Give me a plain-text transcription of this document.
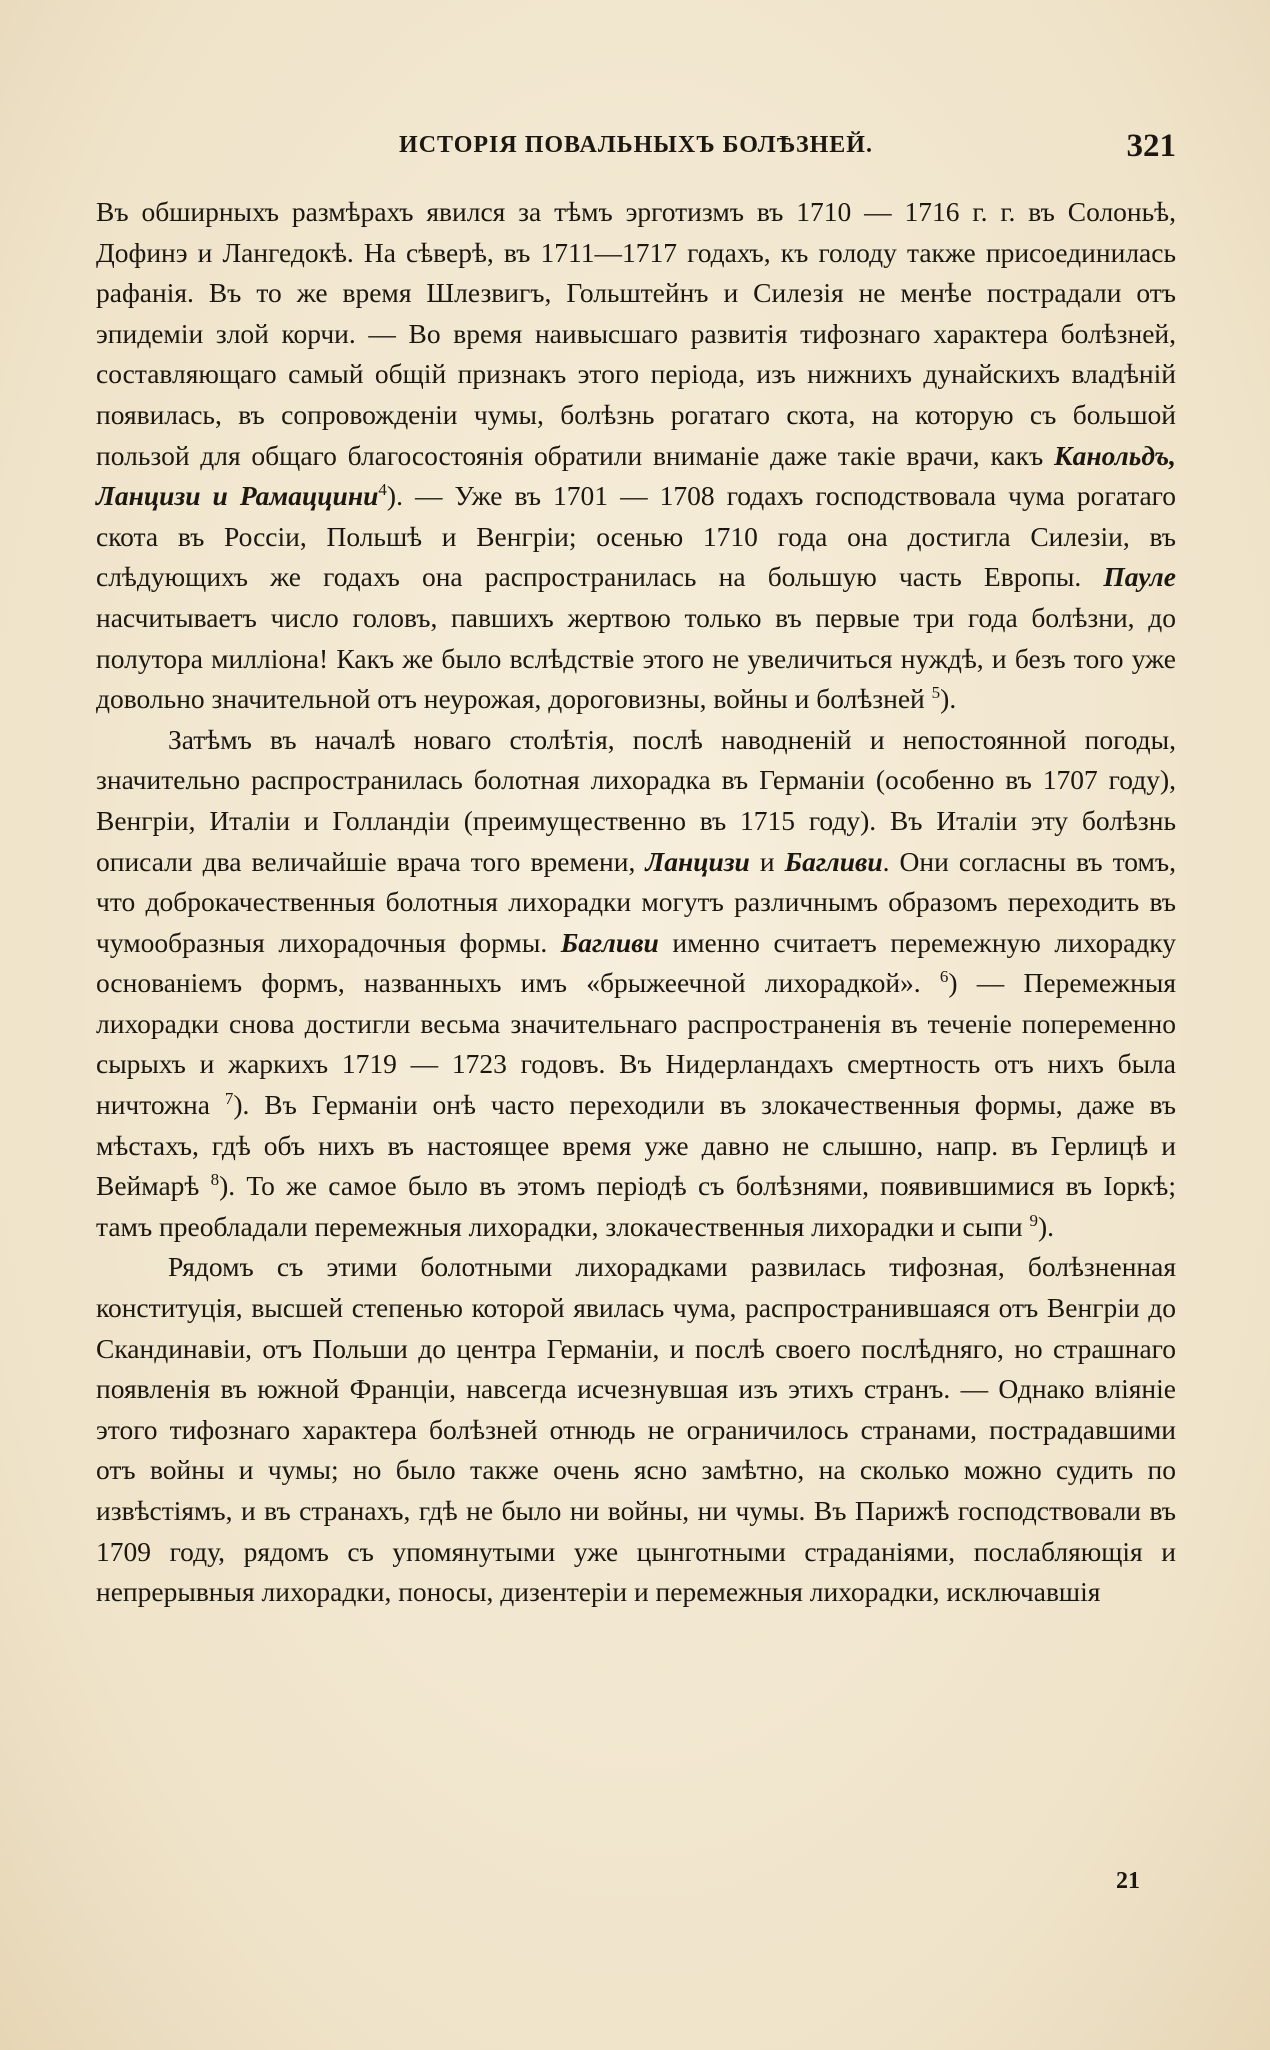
ИСТОРІЯ ПОВАЛЬНЫХЪ БОЛѢЗНЕЙ.	321

Въ обширныхъ размѣрахъ явился за тѣмъ эрготизмъ въ 1710 — 1716 г. г. въ Солоньѣ, Дофинэ и Лангедокѣ. На сѣверѣ, въ 1711—1717 годахъ, къ голоду также присоединилась рафанія. Въ то же время Шлезвигъ, Гольштейнъ и Силезія не менѣе пострадали отъ эпидеміи злой корчи. — Во время наивысшаго развитія тифознаго характера болѣзней, составляющаго самый общій признакъ этого періода, изъ нижнихъ дунайскихъ владѣній появилась, въ сопровожденіи чумы, болѣзнь рогатаго скота, на которую съ большой пользой для общаго благосостоянія обратили вниманіе даже такіе врачи, какъ Канольдъ, Ланцизи и Рамаццини$^4$). — Уже въ 1701 — 1708 годахъ господствовала чума рогатаго скота въ Россіи, Польшѣ и Венгріи; осенью 1710 года она достигла Силезіи, въ слѣдующихъ же годахъ она распространилась на большую часть Европы. Пауле насчитываетъ число головъ, павшихъ жертвою только въ первые три года болѣзни, до полутора милліона! Какъ же было вслѣдствіе этого не увеличиться нуждѣ, и безъ того уже довольно значительной отъ неурожая, дороговизны, войны и болѣзней $^5$).

Затѣмъ въ началѣ новаго столѣтія, послѣ наводненій и непостоянной погоды, значительно распространилась болотная лихорадка въ Германіи (особенно въ 1707 году), Венгріи, Италіи и Голландіи (преимущественно въ 1715 году). Въ Италіи эту болѣзнь описали два величайшіе врача того времени, Ланцизи и Багливи. Они согласны въ томъ, что доброкачественныя болотныя лихорадки могутъ различнымъ образомъ переходить въ чумообразныя лихорадочныя формы. Багливи именно считаетъ перемежную лихорадку основаніемъ формъ, названныхъ имъ «брыжеечной лихорадкой». $^6$) — Перемежныя лихорадки снова достигли весьма значительнаго распространенія въ теченіе попеременно сырыхъ и жаркихъ 1719 — 1723 годовъ. Въ Нидерландахъ смертность отъ нихъ была ничтожна $^7$). Въ Германіи онѣ часто переходили въ злокачественныя формы, даже въ мѣстахъ, гдѣ объ нихъ въ настоящее время уже давно не слышно, напр. въ Герлицѣ и Веймарѣ $^8$). То же самое было въ этомъ періодѣ съ болѣзнями, появившимися въ Іоркѣ; тамъ преобладали перемежныя лихорадки, злокачественныя лихорадки и сыпи $^9$).

Рядомъ съ этими болотными лихорадками развилась тифозная, болѣзненная конституція, высшей степенью которой явилась чума, распространившаяся отъ Венгріи до Скандинавіи, отъ Польши до центра Германіи, и послѣ своего послѣдняго, но страшнаго появленія въ южной Франціи, навсегда исчезнувшая изъ этихъ странъ. — Однако вліяніе этого тифознаго характера болѣзней отнюдь не ограничилось странами, пострадавшими отъ войны и чумы; но было также очень ясно замѣтно, на сколько можно судить по извѣстіямъ, и въ странахъ, гдѣ не было ни войны, ни чумы. Въ Парижѣ господствовали въ 1709 году, рядомъ съ упомянутыми уже цынготными страданіями, послабляющія и непрерывныя лихорадки, поносы, дизентеріи и перемежныя лихорадки, исключавшія

21
